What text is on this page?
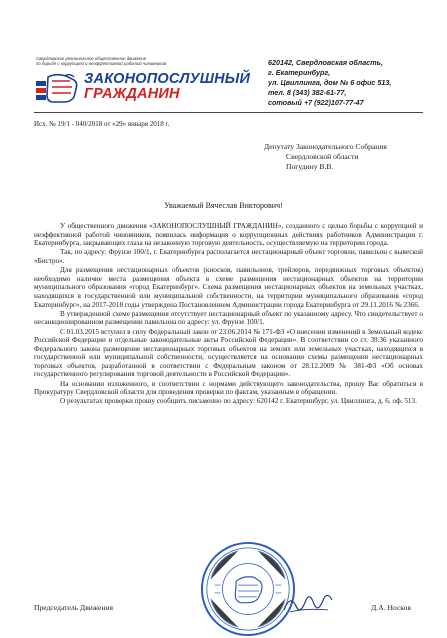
Свердловское региональное общественное движение
по борьбе с коррупцией и неэффективной работой чиновников
ЗАКОНОПОСЛУШНЫЙ
ГРАЖДАНИН
620142, Свердловская область,
г. Екатеринбург,
ул. Цвиллинга, дом № 6 офис 513,
тел. 8 (343) 382-61-77,
сотовый +7 (922)107-77-47
Исх. № 19/1 - 040/2018 от «29» января 2018 г.
Депутату Законодательного Собрания
Свердловской области
Погудину В.В.
Уважаемый Вячеслав Викторович!

У общественного движения «ЗАКОНОПОСЛУШНЫЙ ГРАЖДАНИН», созданного с целью борьбы с коррупцией и неэффективной работой чиновников, появилась информация о коррупционных действиях работников Администрации г. Екатеринбурга, закрывающих глаза на незаконную торговую деятельность, осуществляемую на территории города.

Так, по адресу: Фрунзе 100/1, г. Екатеринбурга располагается нестационарный объект торговли, павильон с вывеской «Бистро».

Для размещения нестационарных объектов (киосков, павильонов, трейлеров, передвижных торговых объектов) необходимо наличие места размещения объекта в схеме размещения нестационарных объектов на территории муниципального образования «город Екатеринбург». Схема размещения нестационарных объектов на земельных участках, находящихся в государственной или муниципальной собственности, на территории муниципального образования «город Екатеринбург», на 2017-2018 годы утверждена Постановлением Администрации города Екатеринбурга от 29.11.2016 № 2366.

В утвержденной схеме размещения отсутствует нестационарный объект по указанному адресу. Что свидетельствует о несанкционированном размещении павильона по адресу: ул. Фрунзе 100/1.

С 01.03.2015 вступил в силу Федеральный закон от 23.06.2014 № 171-ФЗ «О внесении изменений в Земельный кодекс Российской Федерации и отдельные законодательные акты Российской Федерации». В соответствии со ст. 39.36 указанного Федерального закона размещение нестационарных торговых объектов на землях или земельных участках, находящихся в государственной или муниципальной собственности, осуществляется на основании схемы размещения нестационарных торговых объектов, разработанной в соответствии с Федеральным законом от 28.12.2009 № 381-ФЗ «Об основах государственного регулирования торговой деятельности в Российской Федерации».

На основании изложенного, в соответствии с нормами действующего законодательства, прошу Вас обратиться в Прокуратуру Свердловской области для проведения проверки по фактам, указанным в обращении.

О результатах проверки прошу сообщить письменно по адресу: 620142 г. Екатеринбург, ул. Цвиллинга, д. 6, оф. 513.

Председатель Движения	Д.А. Носков
